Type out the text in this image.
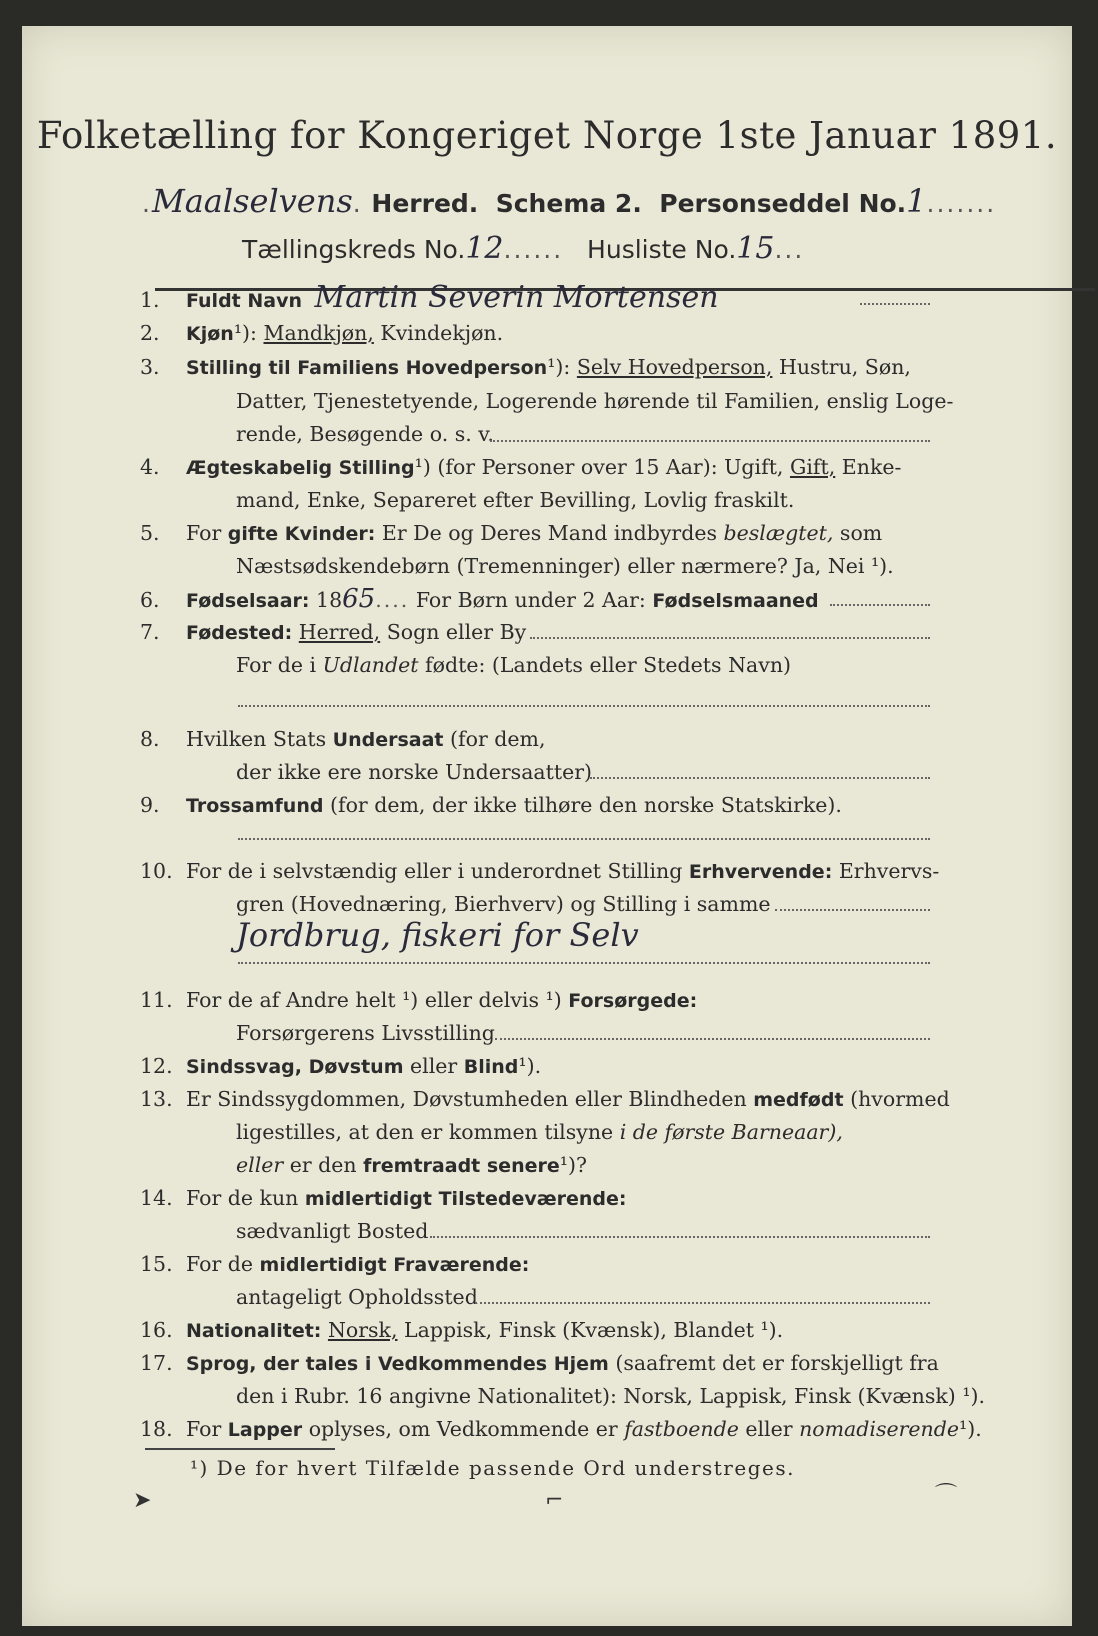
Folketælling for Kongeriget Norge 1ste Januar 1891.
.Maalselvens. Herred. Schema 2. Personseddel No.1.......
Tællingskreds No.12...... Husliste No.15...
1. Fuldt Navn Martin Severin Mortensen
2. Kjøn¹): Mandkjøn, Kvindekjøn.
3. Stilling til Familiens Hovedperson¹): Selv Hovedperson, Hustru, Søn,
Datter, Tjenestetyende, Logerende hørende til Familien, enslig Loge-
rende, Besøgende o. s. v.
4. Ægteskabelig Stilling¹) (for Personer over 15 Aar): Ugift, Gift, Enke-
mand, Enke, Separeret efter Bevilling, Lovlig fraskilt.
5. For gifte Kvinder: Er De og Deres Mand indbyrdes beslægtet, som
Næstsødskendebørn (Tremenninger) eller nærmere? Ja, Nei ¹).
6. Fødselsaar: 1865.... For Børn under 2 Aar: Fødselsmaaned
7. Fødested: Herred, Sogn eller By
For de i Udlandet fødte: (Landets eller Stedets Navn)
8. Hvilken Stats Undersaat (for dem,
der ikke ere norske Undersaatter)
9. Trossamfund (for dem, der ikke tilhøre den norske Statskirke).
10. For de i selvstændig eller i underordnet Stilling Erhvervende: Erhvervs-
gren (Hovednæring, Bierhverv) og Stilling i samme
Jordbrug, fiskeri for Selv
11. For de af Andre helt ¹) eller delvis ¹) Forsørgede:
Forsørgerens Livsstilling
12. Sindssvag, Døvstum eller Blind¹).
13. Er Sindssygdommen, Døvstumheden eller Blindheden medfødt (hvormed
ligestilles, at den er kommen tilsyne i de første Barneaar),
eller er den fremtraadt senere¹)?
14. For de kun midlertidigt Tilstedeværende:
sædvanligt Bosted
15. For de midlertidigt Fraværende:
antageligt Opholdssted
16. Nationalitet: Norsk, Lappisk, Finsk (Kvænsk), Blandet ¹).
17. Sprog, der tales i Vedkommendes Hjem (saafremt det er forskjelligt fra
den i Rubr. 16 angivne Nationalitet): Norsk, Lappisk, Finsk (Kvænsk) ¹).
18. For Lapper oplyses, om Vedkommende er fastboende eller nomadiserende¹).
¹) De for hvert Tilfælde passende Ord understreges.
➤	⌐	⌒
